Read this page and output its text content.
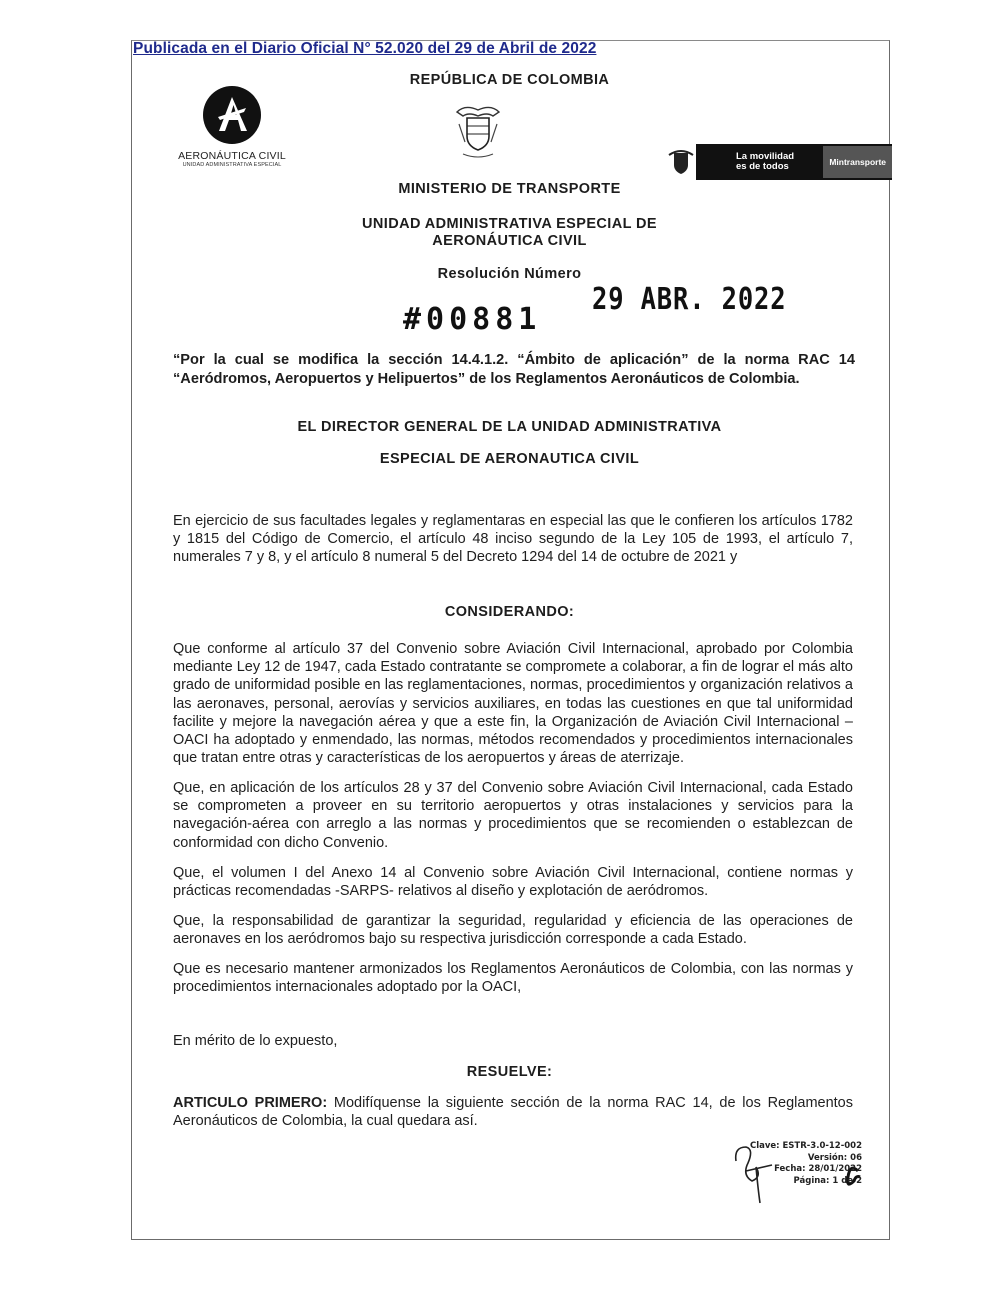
Publicada en el Diario Oficial N° 52.020 del 29 de Abril de 2022
REPÚBLICA DE COLOMBIA
AERONÁUTICA CIVIL
UNIDAD ADMINISTRATIVA ESPECIAL
La movilidad
es de todos	Mintransporte
MINISTERIO DE TRANSPORTE
UNIDAD ADMINISTRATIVA ESPECIAL DE
AERONÁUTICA CIVIL
Resolución Número
#00881
29 ABR. 2022
“Por la cual se modifica la sección 14.4.1.2. “Ámbito de aplicación” de la norma RAC 14 “Aeródromos, Aeropuertos y Helipuertos” de los Reglamentos Aeronáuticos de Colombia.
EL DIRECTOR GENERAL DE LA UNIDAD ADMINISTRATIVA
ESPECIAL DE AERONAUTICA CIVIL
En ejercicio de sus facultades legales y reglamentaras en especial las que le confieren los artículos 1782 y 1815 del Código de Comercio, el artículo 48 inciso segundo de la Ley 105 de 1993, el artículo 7, numerales 7 y 8, y el artículo 8 numeral 5 del Decreto 1294 del 14 de octubre de 2021 y
CONSIDERANDO:
Que conforme al artículo 37 del Convenio sobre Aviación Civil Internacional, aprobado por Colombia mediante Ley 12 de 1947, cada Estado contratante se compromete a colaborar, a fin de lograr el más alto grado de uniformidad posible en las reglamentaciones, normas, procedimientos y organización relativos a las aeronaves, personal, aerovías y servicios auxiliares, en todas las cuestiones en que tal uniformidad facilite y mejore la navegación aérea y que a este fin, la Organización de Aviación Civil Internacional –OACI ha adoptado y enmendado, las normas, métodos recomendados y procedimientos internacionales que tratan entre otras y características de los aeropuertos y áreas de aterrizaje.
Que, en aplicación de los artículos 28 y 37 del Convenio sobre Aviación Civil Internacional, cada Estado se comprometen a proveer en su territorio aeropuertos y otras instalaciones y servicios para la navegación-aérea con arreglo a las normas y procedimientos que se recomienden o establezcan de conformidad con dicho Convenio.
Que, el volumen I del Anexo 14 al Convenio sobre Aviación Civil Internacional, contiene normas y prácticas recomendadas -SARPS- relativos al diseño y explotación de aeródromos.
Que, la responsabilidad de garantizar la seguridad, regularidad y eficiencia de las operaciones de aeronaves en los aeródromos bajo su respectiva jurisdicción corresponde a cada Estado.
Que es necesario mantener armonizados los Reglamentos Aeronáuticos de Colombia, con las normas y procedimientos internacionales adoptado por la OACI,
En mérito de lo expuesto,
RESUELVE:
ARTICULO PRIMERO: Modifíquense la siguiente sección de la norma RAC 14, de los Reglamentos Aeronáuticos de Colombia, la cual quedara así.
Clave: ESTR-3.0-12-002
Versión: 06
Fecha: 28/01/2022
Página: 1 de 2
